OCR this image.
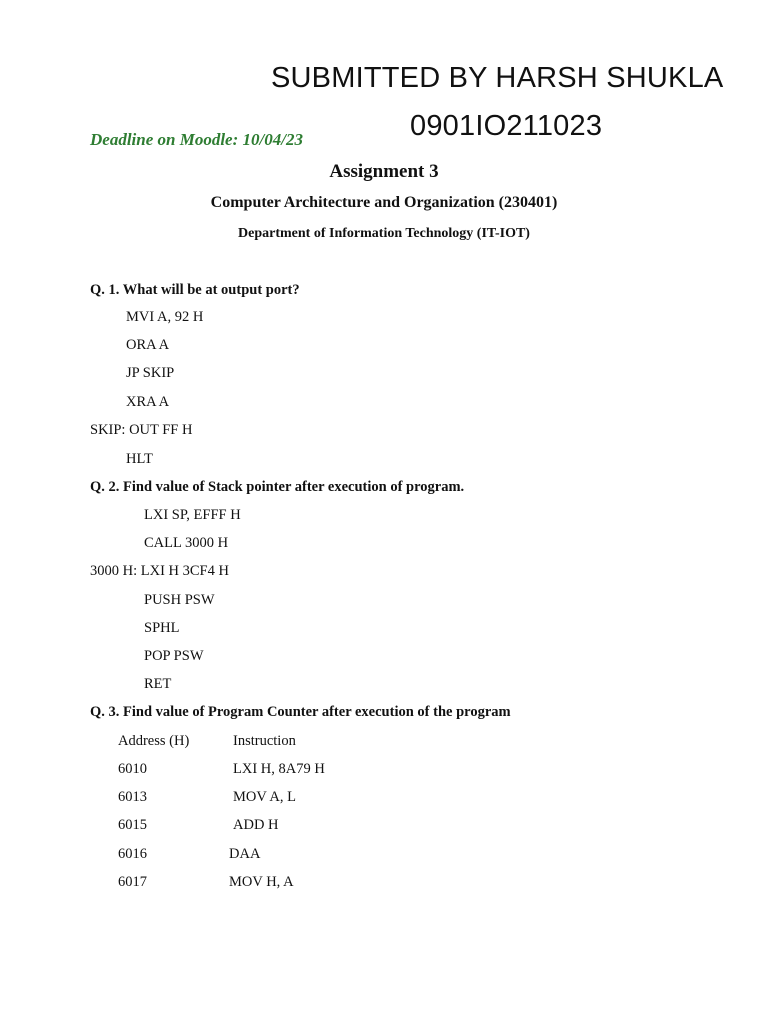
SUBMITTED BY HARSH SHUKLA
0901IO211023
Deadline on Moodle: 10/04/23
Assignment 3
Computer Architecture and Organization (230401)
Department of Information Technology (IT-IOT)
Q. 1. What will be at output port?
MVI A, 92 H
ORA A
JP SKIP
XRA A
SKIP: OUT FF H
HLT
Q. 2. Find value of Stack pointer after execution of program.
LXI SP, EFFF H
CALL 3000 H
3000 H: LXI H 3CF4 H
PUSH PSW
SPHL
POP PSW
RET
Q. 3. Find value of Program Counter after execution of the program
Address (H)	Instruction
6010	LXI H, 8A79 H
6013	MOV A, L
6015	ADD H
6016	DAA
6017	MOV H, A
